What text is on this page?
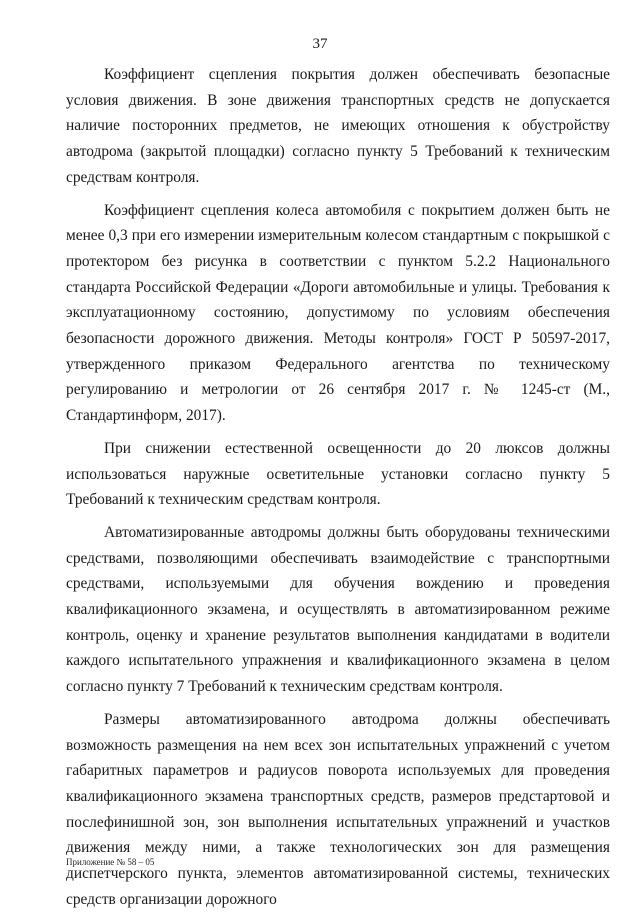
37

Коэффициент сцепления покрытия должен обеспечивать безопасные условия движения. В зоне движения транспортных средств не допускается наличие посторонних предметов, не имеющих отношения к обустройству автодрома (закрытой площадки) согласно пункту 5 Требований к техническим средствам контроля.

Коэффициент сцепления колеса автомобиля с покрытием должен быть не менее 0,3 при его измерении измерительным колесом стандартным с покрышкой с протектором без рисунка в соответствии с пунктом 5.2.2 Национального стандарта Российской Федерации «Дороги автомобильные и улицы. Требования к эксплуатационному состоянию, допустимому по условиям обеспечения безопасности дорожного движения. Методы контроля» ГОСТ Р 50597-2017, утвержденного приказом Федерального агентства по техническому регулированию и метрологии от 26 сентября 2017 г. № 1245-ст (М., Стандартинформ, 2017).

При снижении естественной освещенности до 20 люксов должны использоваться наружные осветительные установки согласно пункту 5 Требований к техническим средствам контроля.

Автоматизированные автодромы должны быть оборудованы техническими средствами, позволяющими обеспечивать взаимодействие с транспортными средствами, используемыми для обучения вождению и проведения квалификационного экзамена, и осуществлять в автоматизированном режиме контроль, оценку и хранение результатов выполнения кандидатами в водители каждого испытательного упражнения и квалификационного экзамена в целом согласно пункту 7 Требований к техническим средствам контроля.

Размеры автоматизированного автодрома должны обеспечивать возможность размещения на нем всех зон испытательных упражнений с учетом габаритных параметров и радиусов поворота используемых для проведения квалификационного экзамена транспортных средств, размеров предстартовой и послефинишной зон, зон выполнения испытательных упражнений и участков движения между ними, а также технологических зон для размещения диспетчерского пункта, элементов автоматизированной системы, технических средств организации дорожного

Приложение № 58 – 05
